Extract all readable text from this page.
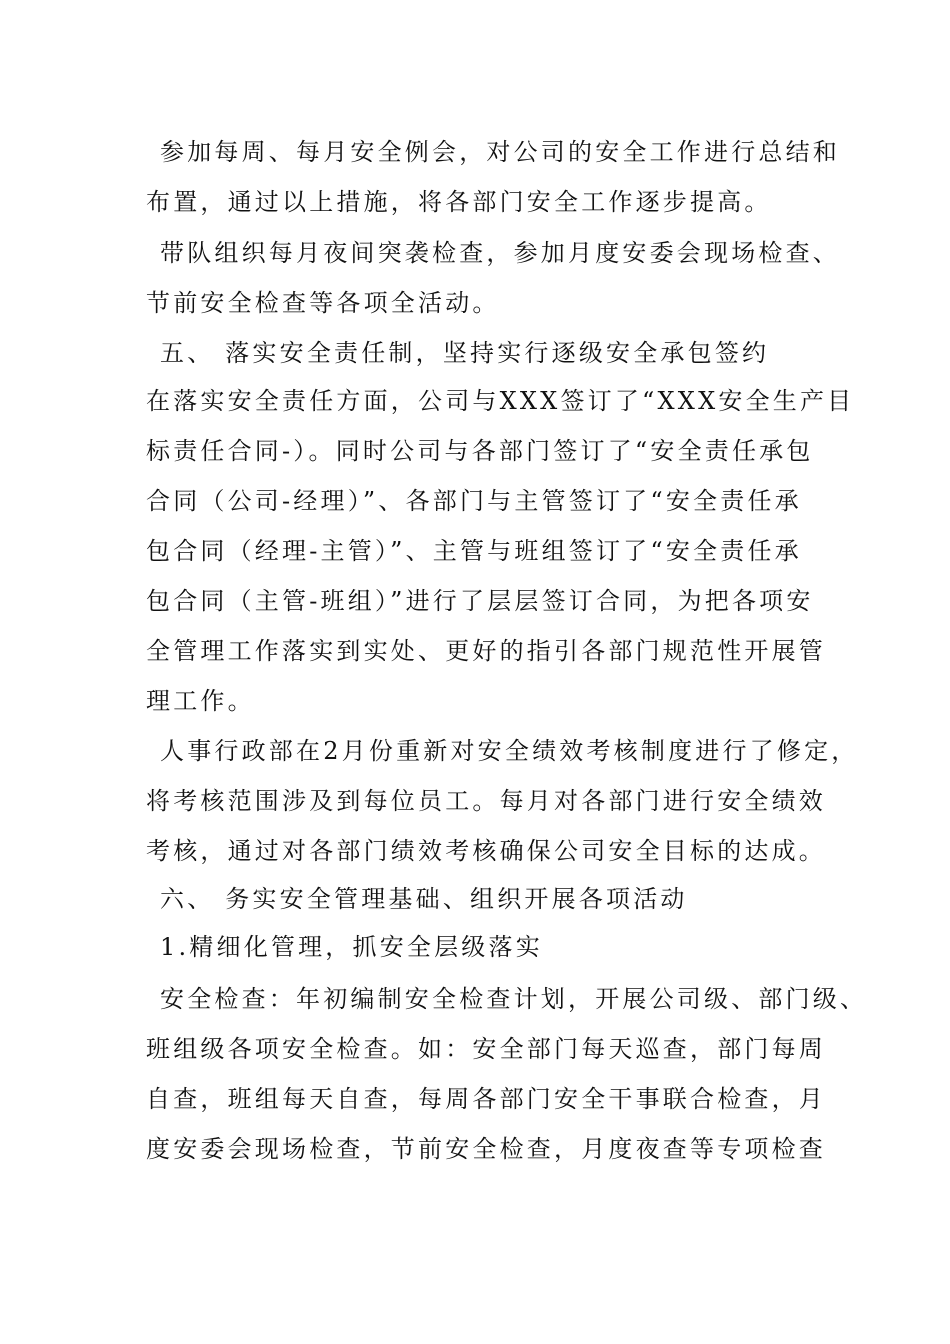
参加每周、每月安全例会，对公司的安全工作进行总结和
布置，通过以上措施，将各部门安全工作逐步提高。
带队组织每月夜间突袭检查，参加月度安委会现场检查、
节前安全检查等各项全活动。
五、 落实安全责任制，坚持实行逐级安全承包签约
在落实安全责任方面，公司与XXX签订了“XXX安全生产目
标责任合同-）。同时公司与各部门签订了“安全责任承包
合同（公司-经理）”、各部门与主管签订了“安全责任承
包合同（经理-主管）”、主管与班组签订了“安全责任承
包合同（主管-班组）”进行了层层签订合同，为把各项安
全管理工作落实到实处、更好的指引各部门规范性开展管
理工作。
人事行政部在2月份重新对安全绩效考核制度进行了修定，
将考核范围涉及到每位员工。每月对各部门进行安全绩效
考核，通过对各部门绩效考核确保公司安全目标的达成。
六、 务实安全管理基础、组织开展各项活动
1.精细化管理，抓安全层级落实
安全检查：年初编制安全检查计划，开展公司级、部门级、
班组级各项安全检查。如：安全部门每天巡查，部门每周
自查，班组每天自查，每周各部门安全干事联合检查，月
度安委会现场检查，节前安全检查，月度夜查等专项检查
